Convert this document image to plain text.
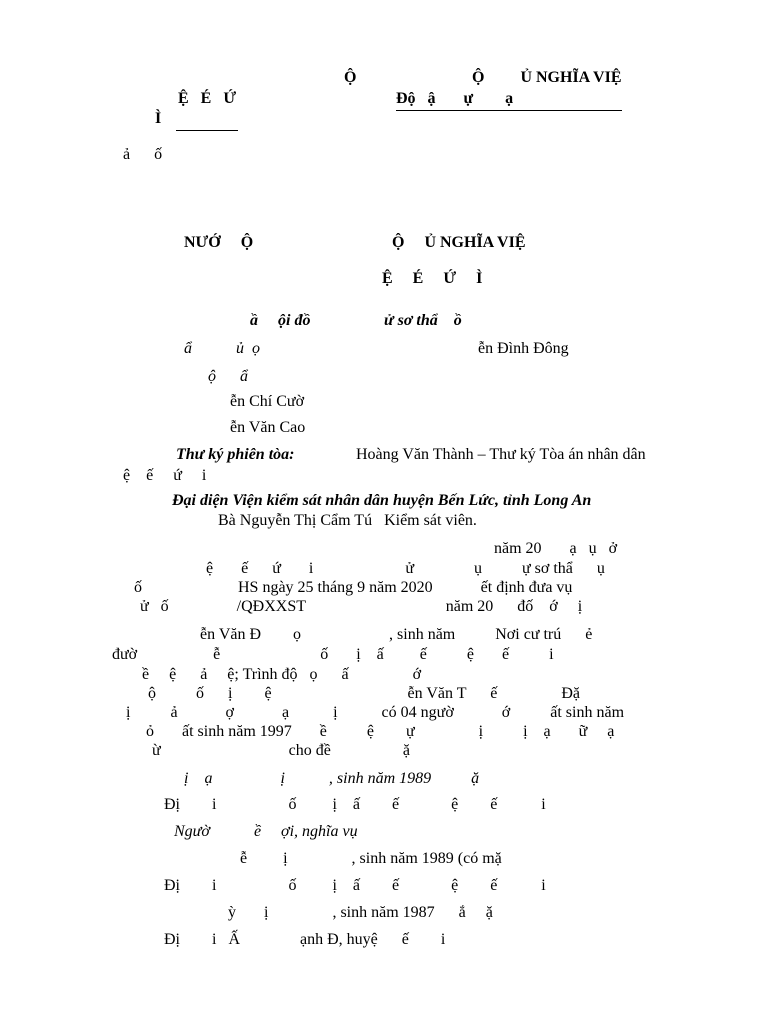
Ộ
Ệ   É   Ứ
Ì
Ộ         Ủ NGHĨA VIỆ
Độ   ậ       ự        ạ
ả      ố
NƯỚ     Ộ	Ộ     Ủ NGHĨA VIỆ
Ệ     É     Ứ     Ì
ầ     ội đồ	ử sơ thẩ    ồ
ẩ           ủ  ọ	ễn Đình Đông
ộ      ẩ
ễn Chí Cườ
ễn Văn Cao
Thư ký phiên tòa:	Hoàng Văn Thành – Thư ký Tòa án nhân dân
ệ    ế     ứ     i
Đại diện Viện kiểm sát nhân dân huyện Bến Lức, tỉnh Long An
Bà Nguyễn Thị Cẩm Tú   Kiểm sát viên.
năm 20       ạ   ụ   ở
ệ       ế      ứ       i                       ử               ụ          ự sơ thẩ      ụ
ố                        HS ngày 25 tháng 9 năm 2020            ết định đưa vụ
ử   ố                 /QĐXXST                                   năm 20      đố    ớ     ị
ễn Văn Đ        ọ                      , sinh năm          Nơi cư trú      ẻ
đườ                   ễ                         ố       ị    ấ         ế          ệ       ế          i
ề     ệ      ả     ệ; Trình độ   ọ      ấ                ớ
ộ          ố      ị        ệ                                  ễn Văn T      ế                Đặ
ị          ả            ợ            ạ           ị           có 04 ngườ            ớ          ất sinh năm
ỏ       ất sinh năm 1997       ề          ệ        ự                ị          ị    ạ       ữ     ạ
ừ                                cho đề                  ặ
ị    ạ                 ị           , sinh năm 1989          ặ
Đị        i                  ố         ị    ấ        ế             ệ        ế           i
Ngườ           ề     ợi, nghĩa vụ
ễ         ị                , sinh năm 1989 (có mặ
Đị        i                  ố         ị    ấ        ế             ệ        ế           i
ỳ       ị                , sinh năm 1987      ắ     ặ
Đị        i   Ấ               ạnh Đ, huyệ      ế        i
